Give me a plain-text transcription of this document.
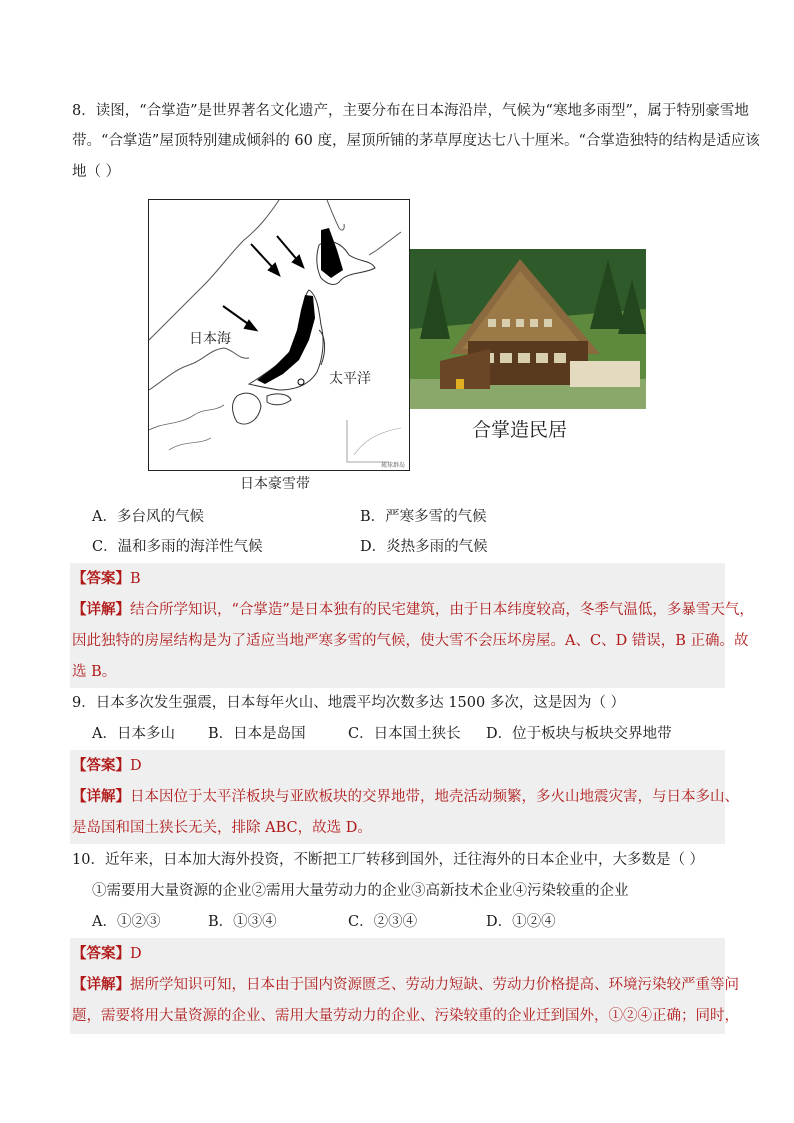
8．读图，“合掌造”是世界著名文化遗产，主要分布在日本海沿岸，气候为“寒地多雨型”，属于特别豪雪地
带。“合掌造”屋顶特别建成倾斜的 60 度，屋顶所铺的茅草厚度达七八十厘米。“合掌造独特的结构是适应该
地（ ）
日本海
太平洋
琉球群岛
日本豪雪带
合掌造民居
A．多台风的气候	B．严寒多雪的气候
C．温和多雨的海洋性气候	D．炎热多雨的气候
【答案】B
【详解】结合所学知识，“合掌造”是日本独有的民宅建筑，由于日本纬度较高，冬季气温低，多暴雪天气，
因此独特的房屋结构是为了适应当地严寒多雪的气候，使大雪不会压坏房屋。A、C、D 错误，B 正确。故
选 B。
9．日本多次发生强震，日本每年火山、地震平均次数多达 1500 多次，这是因为（ ）
A．日本多山 B．日本是岛国	C．日本国土狭长 D．位于板块与板块交界地带
【答案】D
【详解】日本因位于太平洋板块与亚欧板块的交界地带，地壳活动频繁，多火山地震灾害，与日本多山、
是岛国和国土狭长无关，排除 ABC，故选 D。
10．近年来，日本加大海外投资，不断把工厂转移到国外，迁往海外的日本企业中，大多数是（ ）
①需要用大量资源的企业②需用大量劳动力的企业③高新技术企业④污染较重的企业
A．①②③	B．①③④	C．②③④	D．①②④
【答案】D
【详解】据所学知识可知，日本由于国内资源匮乏、劳动力短缺、劳动力价格提高、环境污染较严重等问
题，需要将用大量资源的企业、需用大量劳动力的企业、污染较重的企业迁到国外，①②④正确；同时，
